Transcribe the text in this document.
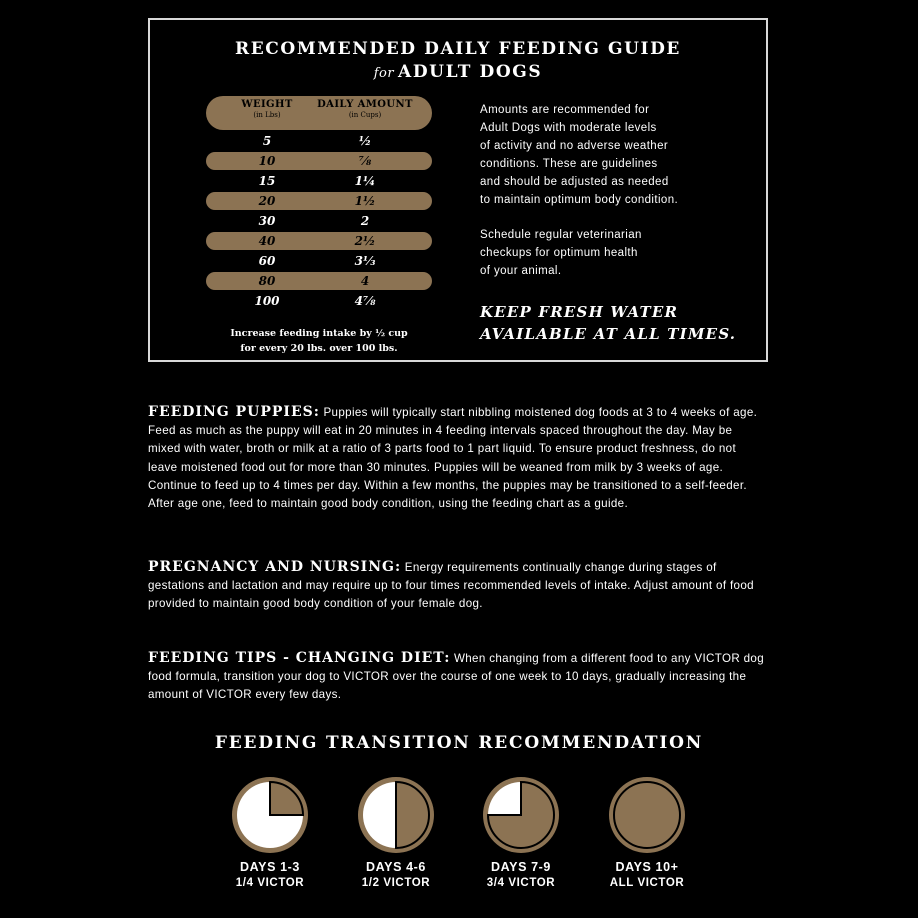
RECOMMENDED DAILY FEEDING GUIDE
for ADULT DOGS
WEIGHT
(in Lbs)
DAILY AMOUNT
(in Cups)
5	½
10	⅞
15	1¼
20	1½
30	2
40	2½
60	3⅓
80	4
100	4⅞
Increase feeding intake by ½ cup
for every 20 lbs. over 100 lbs.

Amounts are recommended for
Adult Dogs with moderate levels
of activity and no adverse weather
conditions. These are guidelines
and should be adjusted as needed
to maintain optimum body condition.

Schedule regular veterinarian
checkups for optimum health
of your animal.

KEEP FRESH WATER
AVAILABLE AT ALL TIMES.
FEEDING PUPPIES: Puppies will typically start nibbling moistened dog foods at 3 to 4 weeks of age. Feed as much as the puppy will eat in 20 minutes in 4 feeding intervals spaced throughout the day. May be mixed with water, broth or milk at a ratio of 3 parts food to 1 part liquid. To ensure product freshness, do not leave moistened food out for more than 30 minutes. Puppies will be weaned from milk by 3 weeks of age. Continue to feed up to 4 times per day. Within a few months, the puppies may be transitioned to a self-feeder. After age one, feed to maintain good body condition, using the feeding chart as a guide.
PREGNANCY AND NURSING: Energy requirements continually change during stages of gestations and lactation and may require up to four times recommended levels of intake. Adjust amount of food provided to maintain good body condition of your female dog.
FEEDING TIPS - CHANGING DIET: When changing from a different food to any VICTOR dog food formula, transition your dog to VICTOR over the course of one week to 10 days, gradually increasing the amount of VICTOR every few days.
FEEDING TRANSITION RECOMMENDATION
DAYS 1-3
1/4 VICTOR
DAYS 4-6
1/2 VICTOR
DAYS 7-9
3/4 VICTOR
DAYS 10+
ALL VICTOR
